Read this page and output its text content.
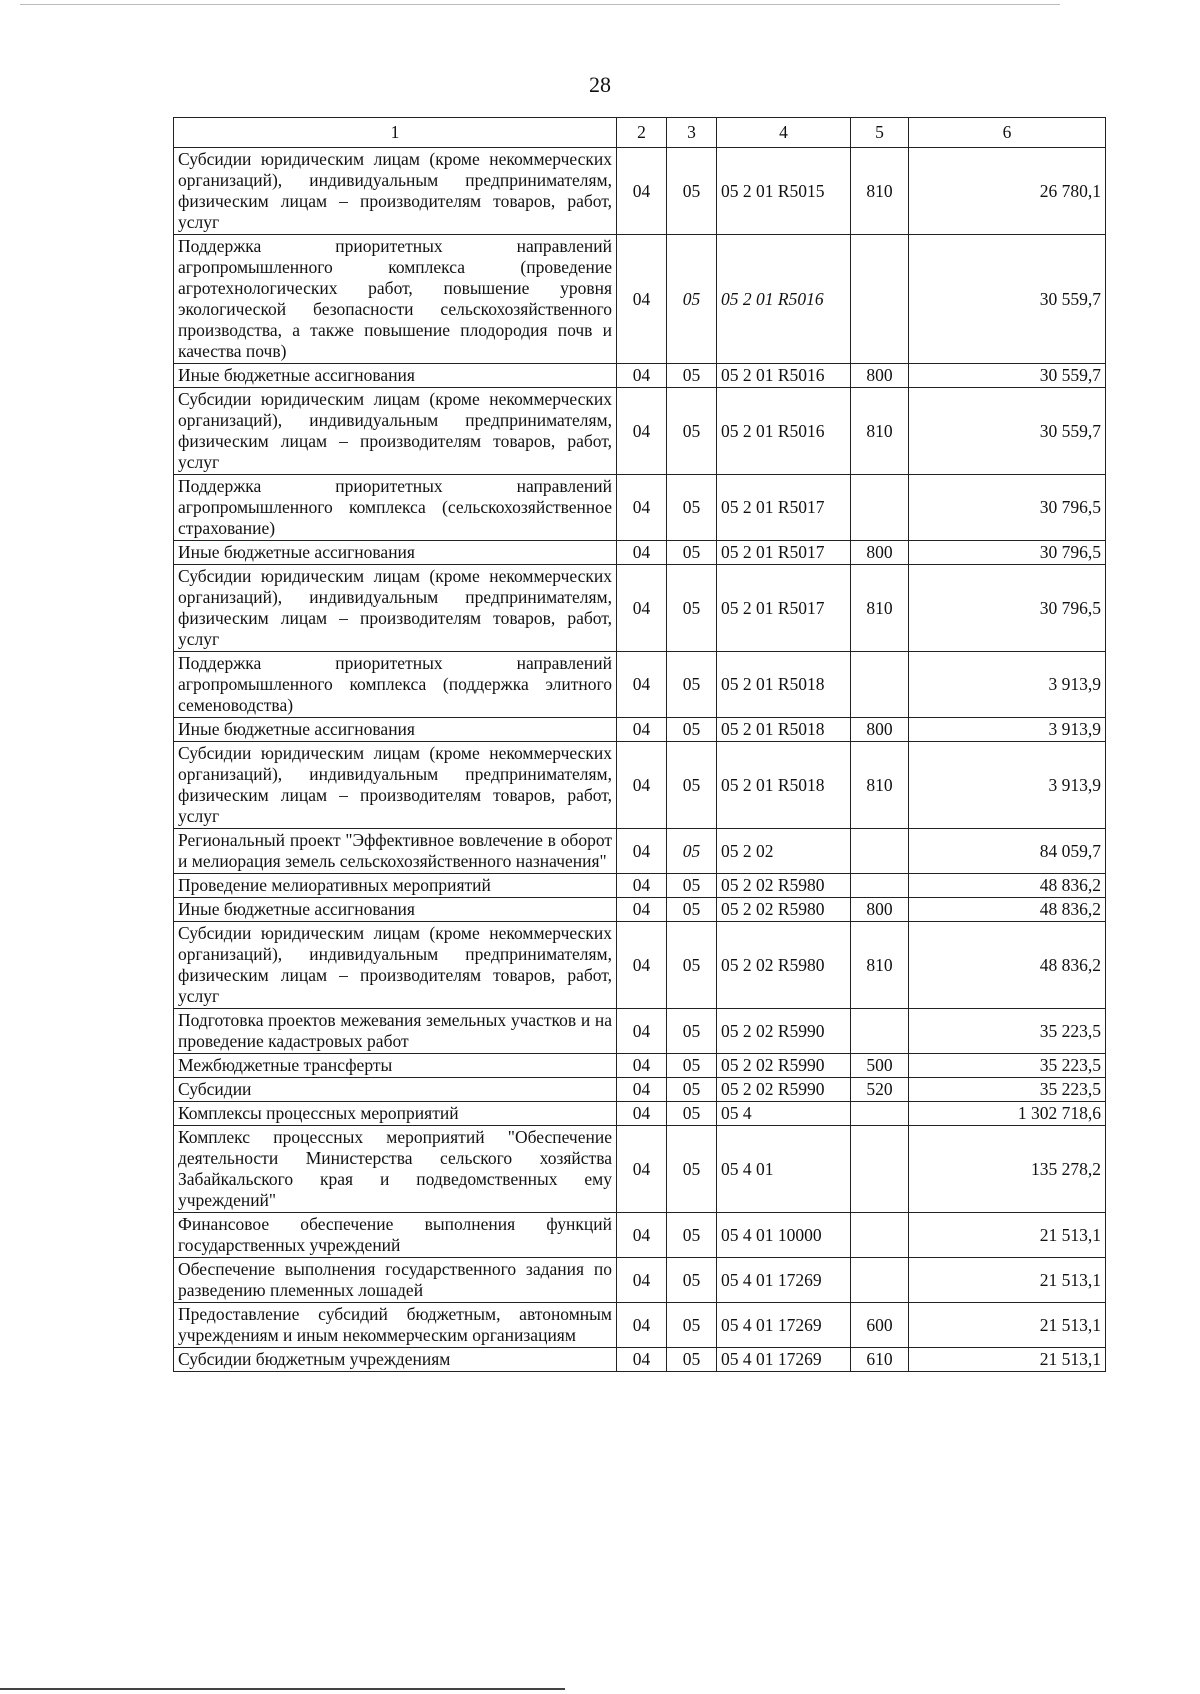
28
1	2	3	4	5	6
Субсидии юридическим лицам (кроме некоммерческих организаций), индивидуальным предпринимателям, физическим лицам – производителям товаров, работ, услуг	04	05	05 2 01 R5015	810	26 780,1
Поддержка приоритетных направлений агропромышленного комплекса (проведение агротехнологических работ, повышение уровня экологической безопасности сельскохозяйственного производства, а также повышение плодородия почв и качества почв)	04	05	05 2 01 R5016		30 559,7
Иные бюджетные ассигнования	04	05	05 2 01 R5016	800	30 559,7
Субсидии юридическим лицам (кроме некоммерческих организаций), индивидуальным предпринимателям, физическим лицам – производителям товаров, работ, услуг	04	05	05 2 01 R5016	810	30 559,7
Поддержка приоритетных направлений агропромышленного комплекса (сельскохозяйственное страхование)	04	05	05 2 01 R5017		30 796,5
Иные бюджетные ассигнования	04	05	05 2 01 R5017	800	30 796,5
Субсидии юридическим лицам (кроме некоммерческих организаций), индивидуальным предпринимателям, физическим лицам – производителям товаров, работ, услуг	04	05	05 2 01 R5017	810	30 796,5
Поддержка приоритетных направлений агропромышленного комплекса (поддержка элитного семеноводства)	04	05	05 2 01 R5018		3 913,9
Иные бюджетные ассигнования	04	05	05 2 01 R5018	800	3 913,9
Субсидии юридическим лицам (кроме некоммерческих организаций), индивидуальным предпринимателям, физическим лицам – производителям товаров, работ, услуг	04	05	05 2 01 R5018	810	3 913,9
Региональный проект "Эффективное вовлечение в оборот и мелиорация земель сельскохозяйственного назначения"	04	05	05 2 02		84 059,7
Проведение мелиоративных мероприятий	04	05	05 2 02 R5980		48 836,2
Иные бюджетные ассигнования	04	05	05 2 02 R5980	800	48 836,2
Субсидии юридическим лицам (кроме некоммерческих организаций), индивидуальным предпринимателям, физическим лицам – производителям товаров, работ, услуг	04	05	05 2 02 R5980	810	48 836,2
Подготовка проектов межевания земельных участков и на проведение кадастровых работ	04	05	05 2 02 R5990		35 223,5
Межбюджетные трансферты	04	05	05 2 02 R5990	500	35 223,5
Субсидии	04	05	05 2 02 R5990	520	35 223,5
Комплексы процессных мероприятий	04	05	05 4		1 302 718,6
Комплекс процессных мероприятий "Обеспечение деятельности Министерства сельского хозяйства Забайкальского края и подведомственных ему учреждений"	04	05	05 4 01		135 278,2
Финансовое обеспечение выполнения функций государственных учреждений	04	05	05 4 01 10000		21 513,1
Обеспечение выполнения государственного задания по разведению племенных лошадей	04	05	05 4 01 17269		21 513,1
Предоставление субсидий бюджетным, автономным учреждениям и иным некоммерческим организациям	04	05	05 4 01 17269	600	21 513,1
Субсидии бюджетным учреждениям	04	05	05 4 01 17269	610	21 513,1
